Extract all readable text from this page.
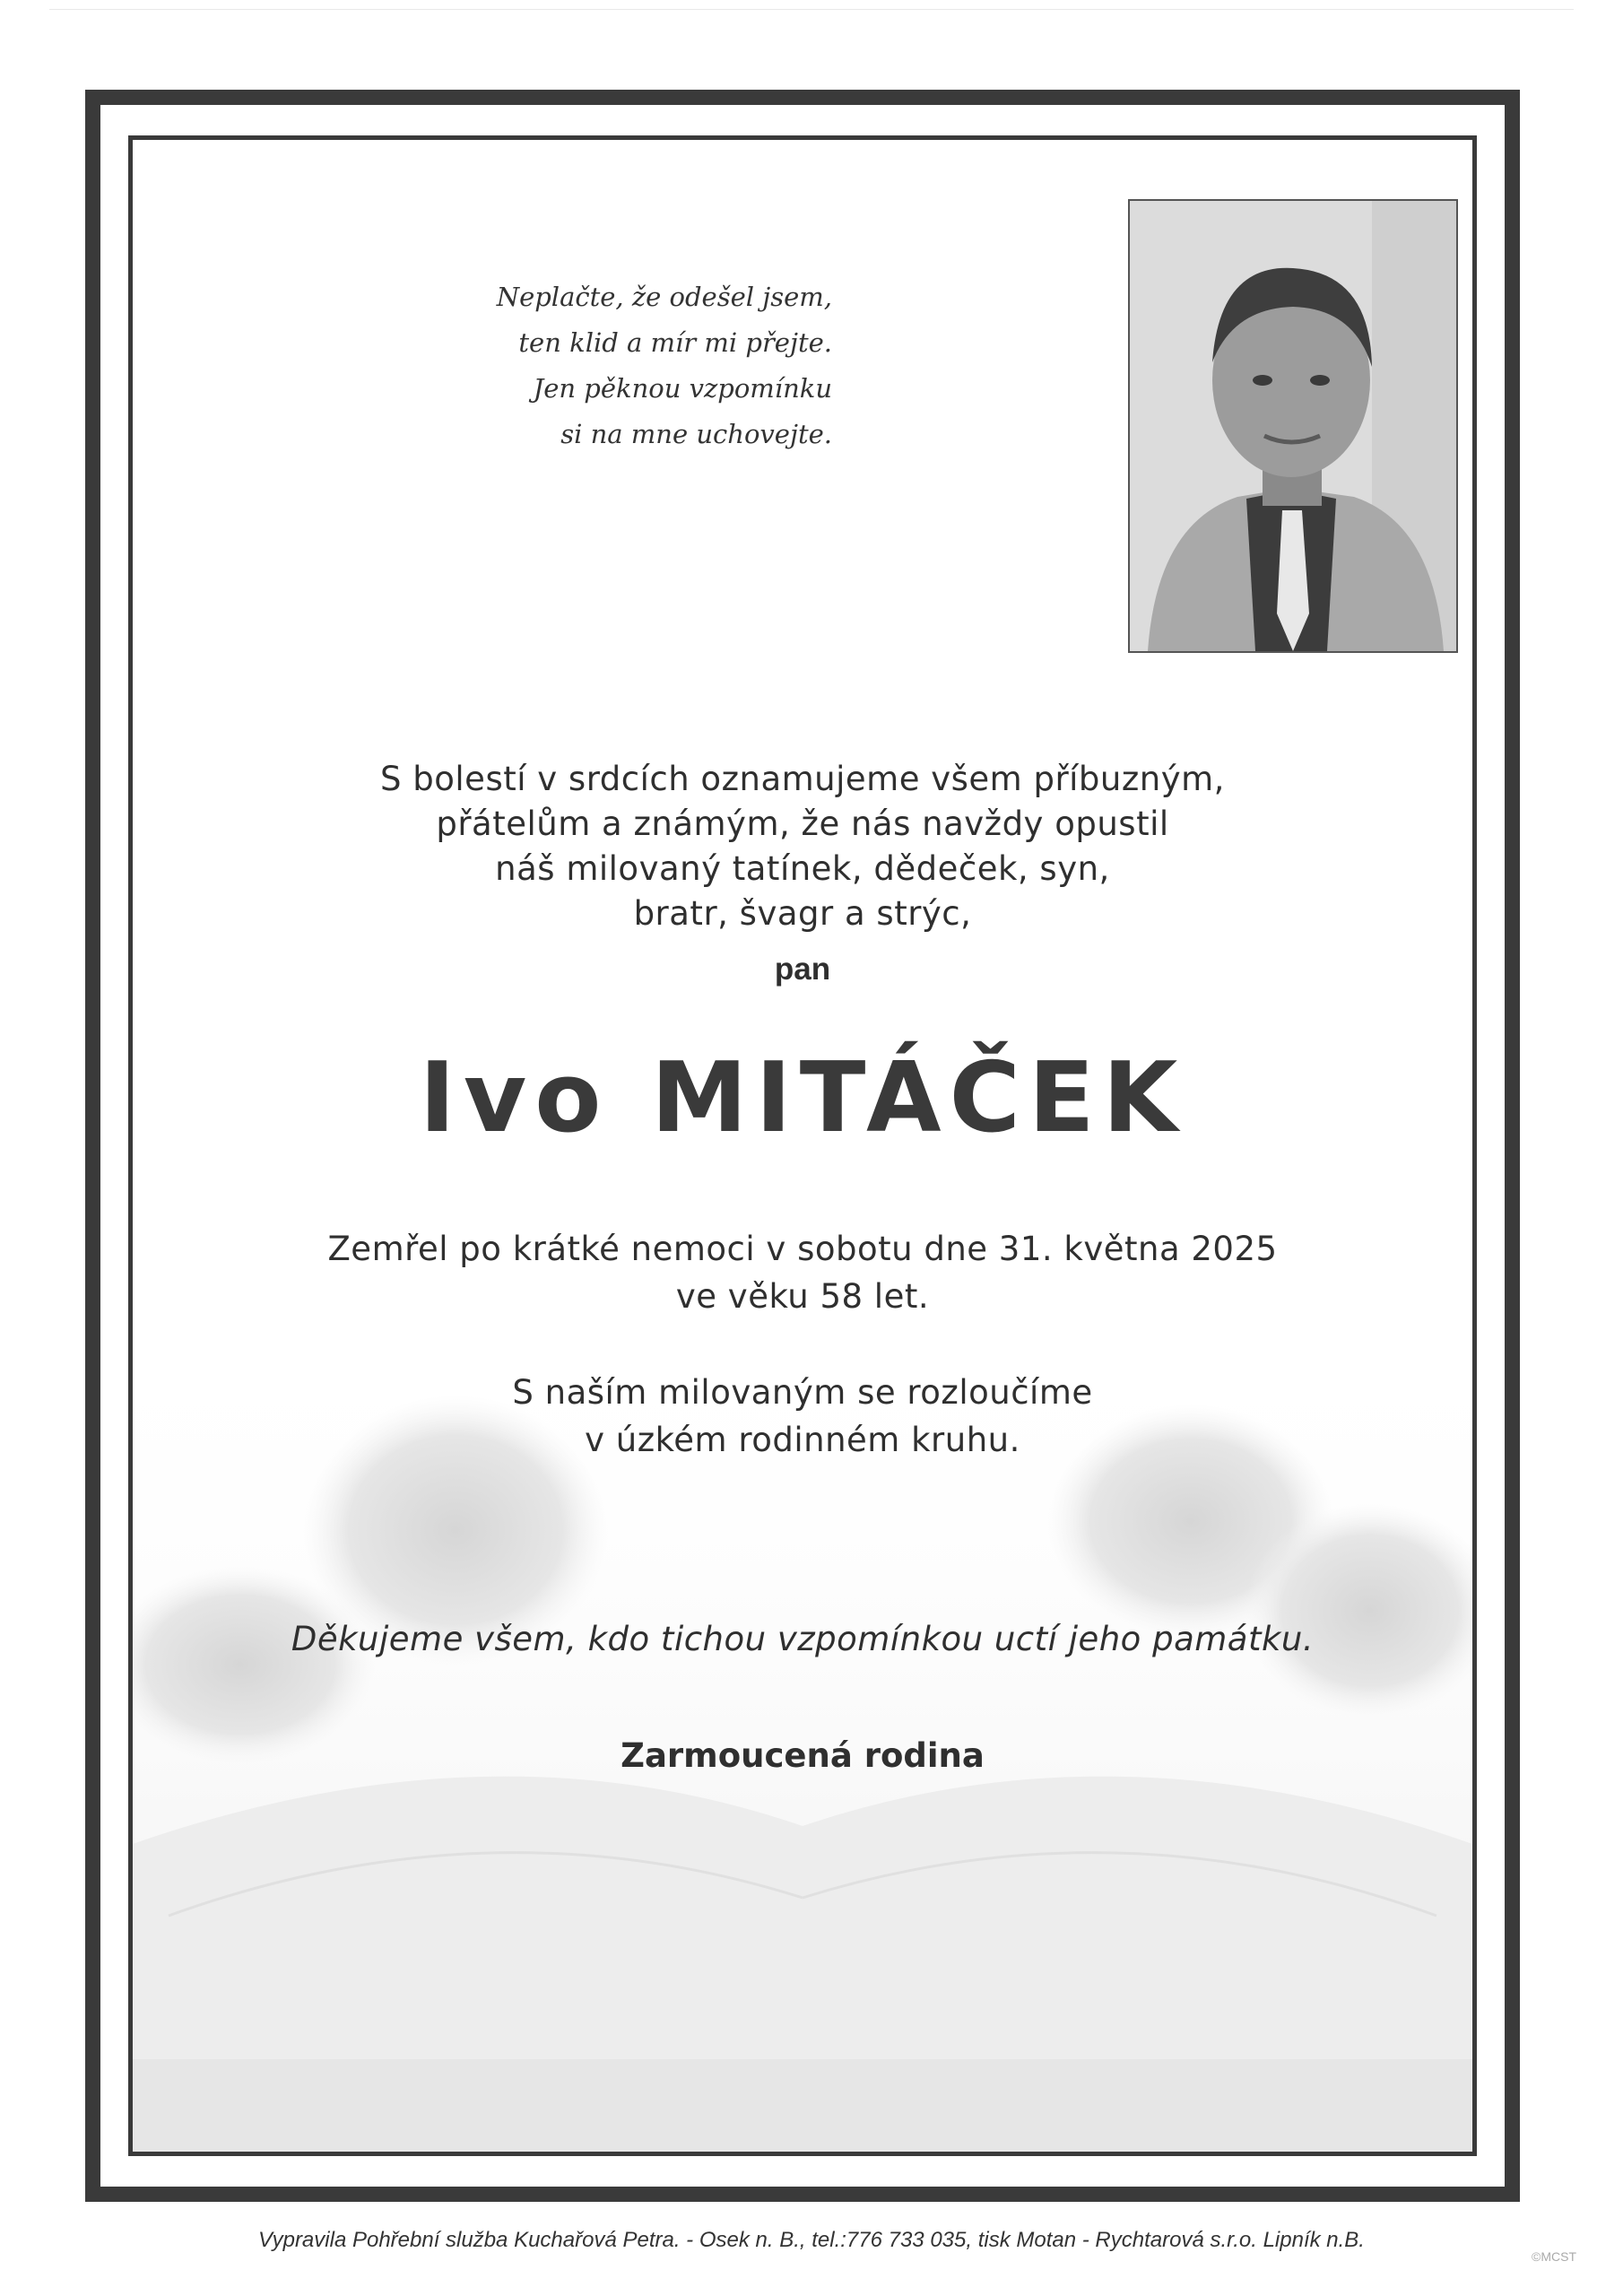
Neplačte, že odešel jsem,
ten klid a mír mi přejte.
Jen pěknou vzpomínku
si na mne uchovejte.
S bolestí v srdcích oznamujeme všem příbuzným,
přátelům a známým, že nás navždy opustil
náš milovaný tatínek, dědeček, syn,
bratr, švagr a strýc,
pan
Ivo MITÁČEK
Zemřel po krátké nemoci v sobotu dne 31. května 2025
ve věku 58 let.
S naším milovaným se rozloučíme
v úzkém rodinném kruhu.
Děkujeme všem, kdo tichou vzpomínkou uctí jeho památku.
Zarmoucená rodina
Vypravila Pohřební služba Kuchařová Petra. - Osek n. B., tel.:776 733 035, tisk Motan - Rychtarová s.r.o. Lipník n.B.
©MCST
